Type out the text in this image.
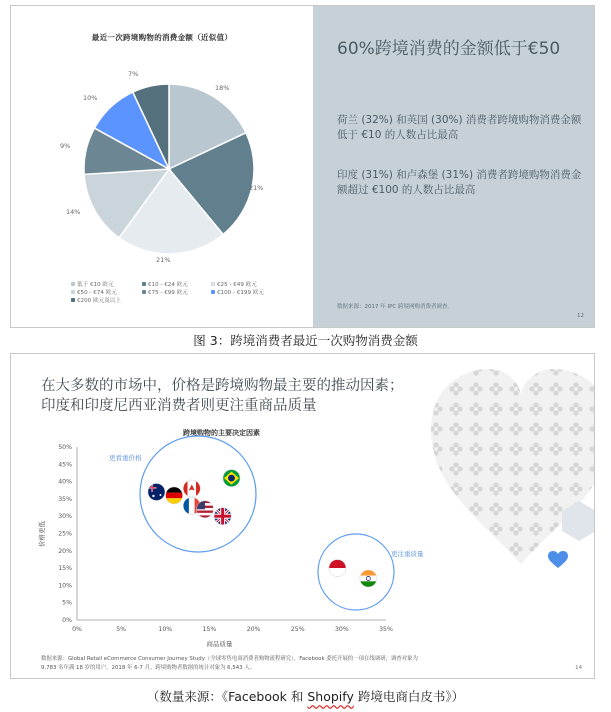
最近一次跨境购物的消费金额（近似值）
18%
21%
21%
14%
9%
10%
7%
低于 €10 欧元	€10 - €24 欧元	€25 - €49 欧元
€50 - €74 欧元	€75 - €99 欧元	€100 - €199 欧元
€200 欧元及以上
60%跨境消费的金额低于€50
荷兰 (32%) 和英国 (30%) 消费者跨境购物消费金额低于 €10 的人数占比最高
印度 (31%) 和卢森堡 (31%) 消费者跨境购物消费金额超过 €100 的人数占比最高
数据来源：2017 年 IPC 跨境网购消费者调查。
12
图 3：跨境消费者最近一次购物消费金额
在大多数的市场中，价格是跨境购物最主要的推动因素；
印度和印度尼西亚消费者则更注重商品质量
跨境购物的主要决定因素
0%
5%
10%
15%
20%
25%
30%
35%
40%
45%
50%
0%	5%	10%	15%	20%	25%	30%	35%
商品质量
价格更低
更看重价格
更注重质量
数据来源：Global Retail eCommerce Consumer Journey Study（全球零售电商消费者购物流程研究），Facebook 委托开展的一项在线调研，调查对象为
9,783 名年满 18 岁的用户，2018 年 6-7 月。跨境购物者数据的统计对象为 6,543 人。	14
（数量来源：《Facebook 和 Shopify 跨境电商白皮书》）
